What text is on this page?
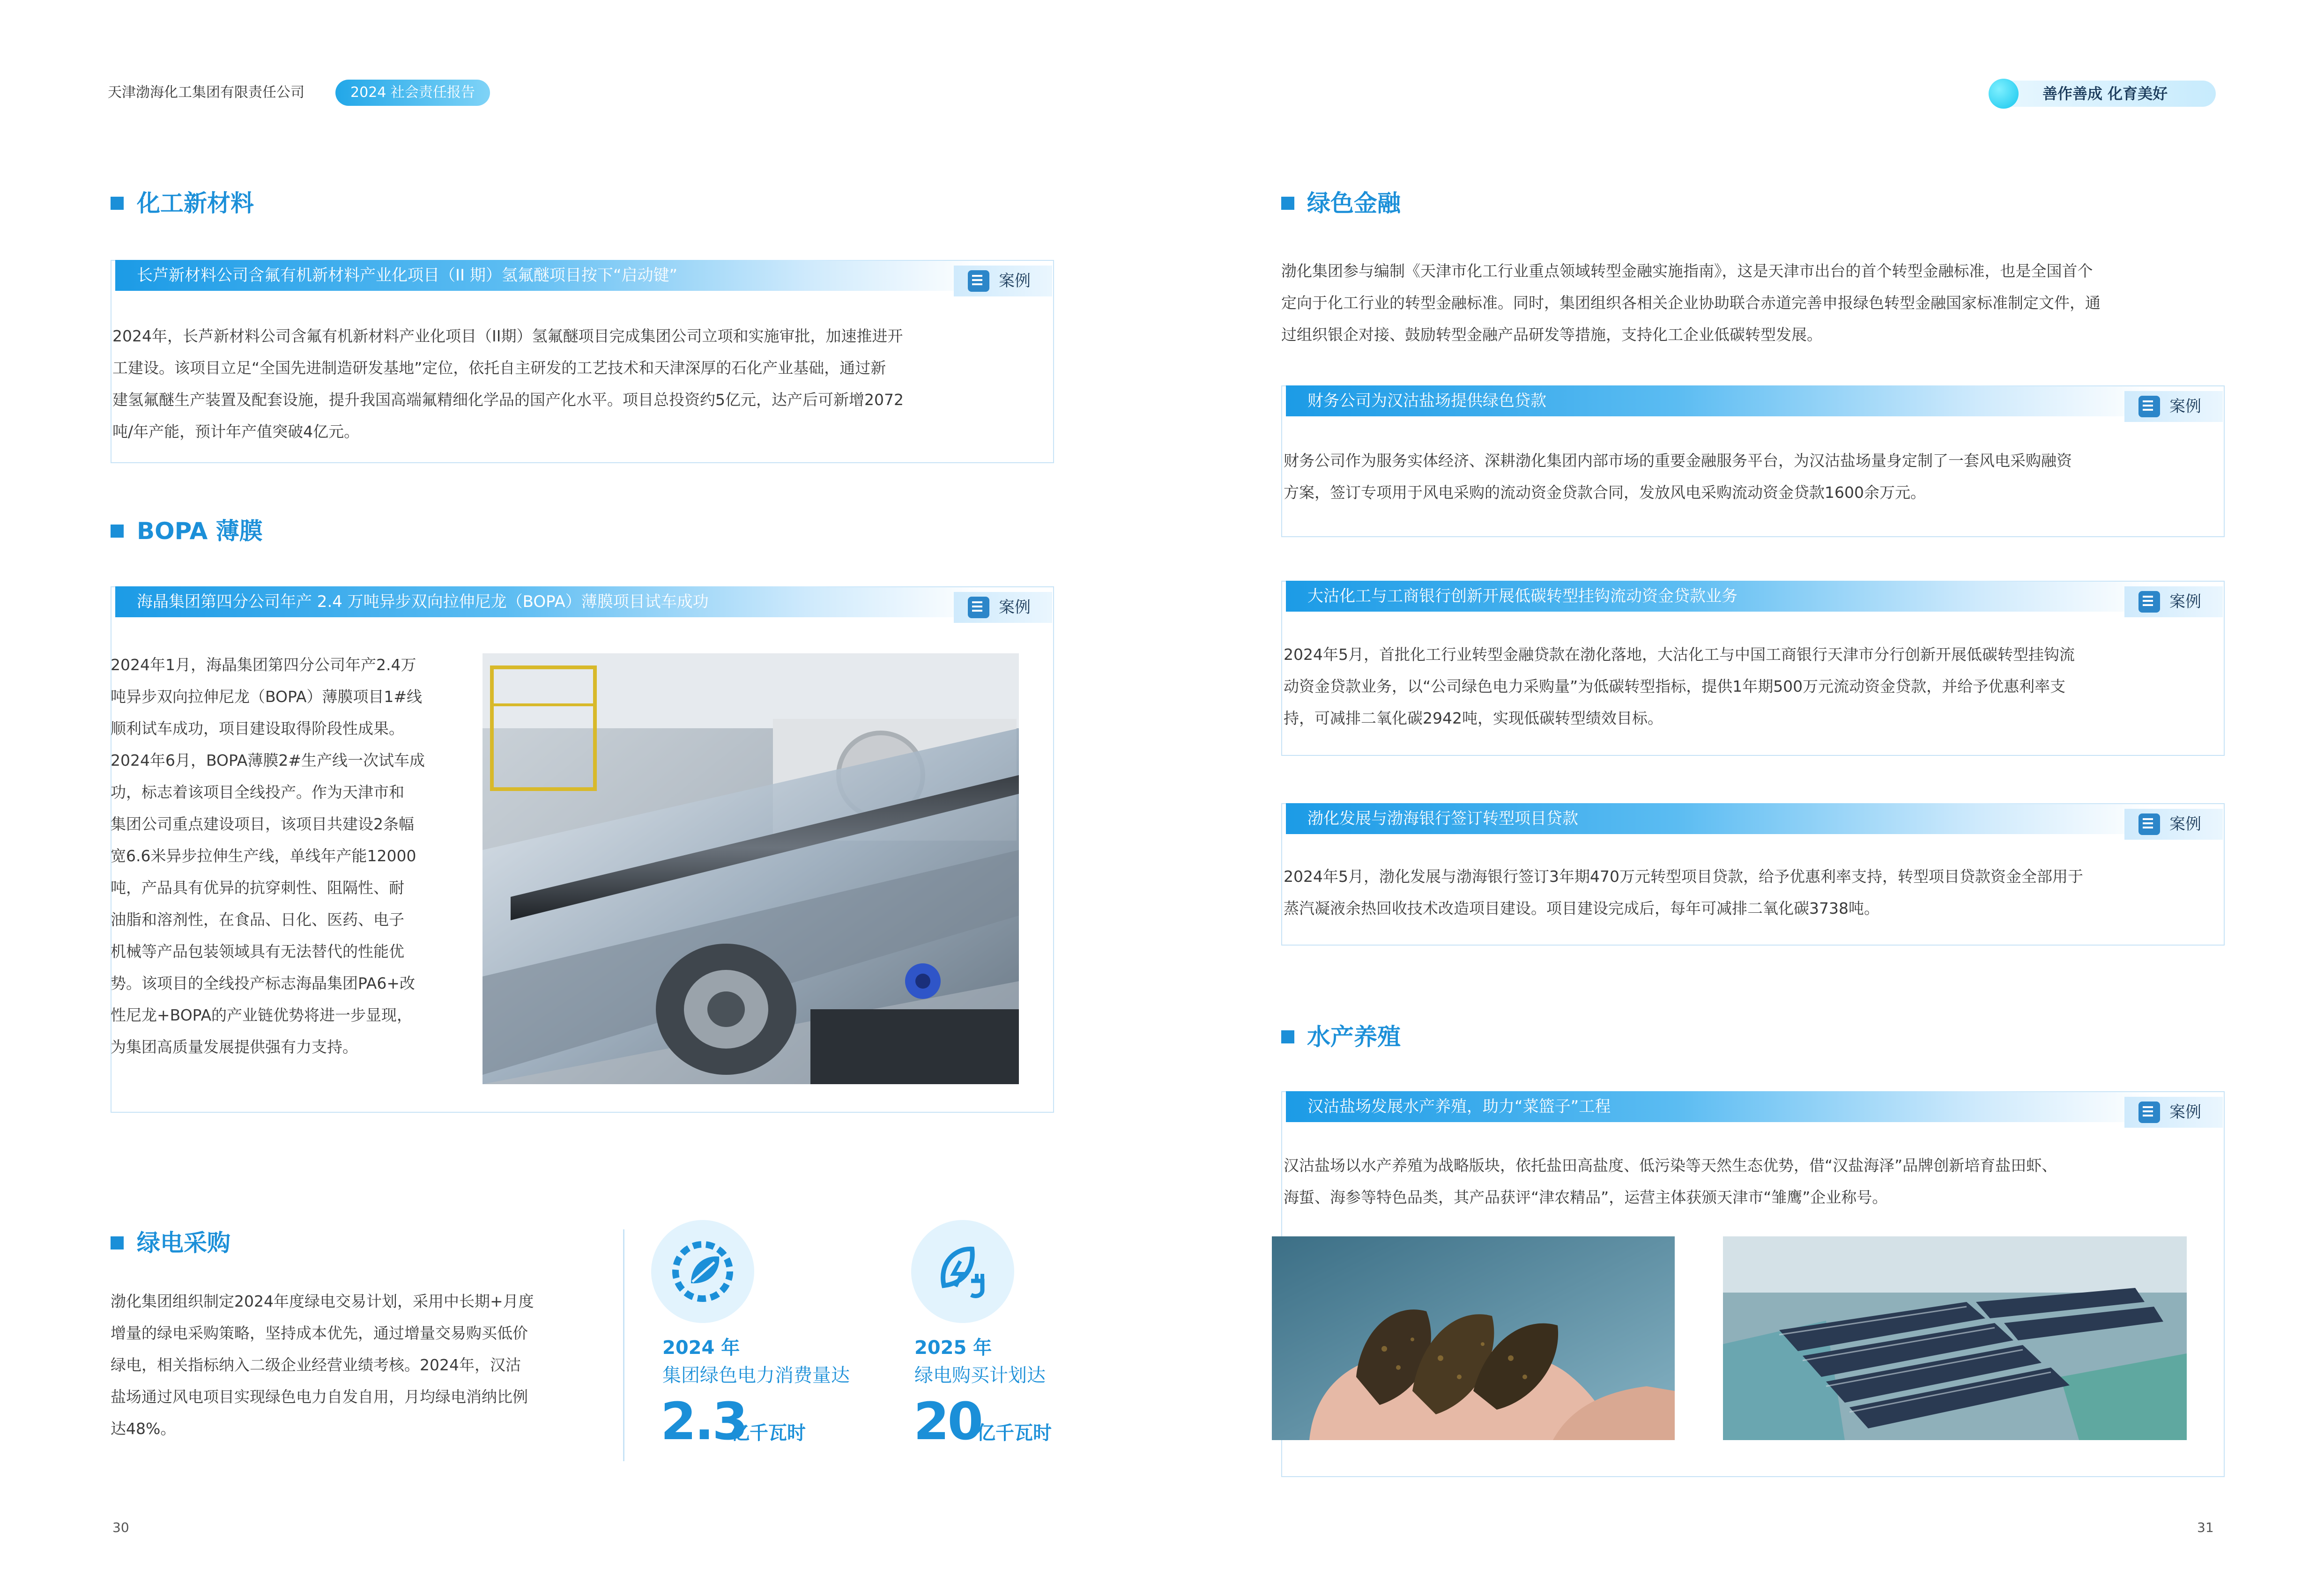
天津渤海化工集团有限责任公司	2024 社会责任报告	善作善成 化育美好
化工新材料
长芦新材料公司含氟有机新材料产业化项目（II 期）氢氟醚项目按下“启动键”	案例
2024年，长芦新材料公司含氟有机新材料产业化项目（II期）氢氟醚项目完成集团公司立项和实施审批，加速推进开
工建设。该项目立足“全国先进制造研发基地”定位，依托自主研发的工艺技术和天津深厚的石化产业基础，通过新
建氢氟醚生产装置及配套设施，提升我国高端氟精细化学品的国产化水平。项目总投资约5亿元，达产后可新增2072
吨/年产能，预计年产值突破4亿元。
BOPA 薄膜
海晶集团第四分公司年产 2.4 万吨异步双向拉伸尼龙（BOPA）薄膜项目试车成功	案例
2024年1月，海晶集团第四分公司年产2.4万
吨异步双向拉伸尼龙（BOPA）薄膜项目1#线
顺利试车成功，项目建设取得阶段性成果。
2024年6月，BOPA薄膜2#生产线一次试车成
功，标志着该项目全线投产。作为天津市和
集团公司重点建设项目，该项目共建设2条幅
宽6.6米异步拉伸生产线，单线年产能12000
吨，产品具有优异的抗穿刺性、阻隔性、耐
油脂和溶剂性，在食品、日化、医药、电子
机械等产品包装领域具有无法替代的性能优
势。该项目的全线投产标志海晶集团PA6+改
性尼龙+BOPA的产业链优势将进一步显现，
为集团高质量发展提供强有力支持。
绿电采购
渤化集团组织制定2024年度绿电交易计划，采用中长期+月度
增量的绿电采购策略，坚持成本优先，通过增量交易购买低价
绿电，相关指标纳入二级企业经营业绩考核。2024年，汉沽
盐场通过风电项目实现绿色电力自发自用，月均绿电消纳比例
达48%。
2024 年
集团绿色电力消费量达
2.3
亿千瓦时
2025 年
绿电购买计划达
20
亿千瓦时
30
绿色金融
渤化集团参与编制《天津市化工行业重点领域转型金融实施指南》，这是天津市出台的首个转型金融标准，也是全国首个
定向于化工行业的转型金融标准。同时，集团组织各相关企业协助联合赤道完善申报绿色转型金融国家标准制定文件，通
过组织银企对接、鼓励转型金融产品研发等措施，支持化工企业低碳转型发展。
财务公司为汉沽盐场提供绿色贷款	案例
财务公司作为服务实体经济、深耕渤化集团内部市场的重要金融服务平台，为汉沽盐场量身定制了一套风电采购融资
方案，签订专项用于风电采购的流动资金贷款合同，发放风电采购流动资金贷款1600余万元。
大沽化工与工商银行创新开展低碳转型挂钩流动资金贷款业务	案例
2024年5月，首批化工行业转型金融贷款在渤化落地，大沽化工与中国工商银行天津市分行创新开展低碳转型挂钩流
动资金贷款业务，以“公司绿色电力采购量”为低碳转型指标，提供1年期500万元流动资金贷款，并给予优惠利率支
持，可减排二氧化碳2942吨，实现低碳转型绩效目标。
渤化发展与渤海银行签订转型项目贷款	案例
2024年5月，渤化发展与渤海银行签订3年期470万元转型项目贷款，给予优惠利率支持，转型项目贷款资金全部用于
蒸汽凝液余热回收技术改造项目建设。项目建设完成后，每年可减排二氧化碳3738吨。
水产养殖
汉沽盐场发展水产养殖，助力“菜篮子”工程	案例
汉沽盐场以水产养殖为战略版块，依托盐田高盐度、低污染等天然生态优势，借“汉盐海泽”品牌创新培育盐田虾、
海蜇、海参等特色品类，其产品获评“津农精品”，运营主体获颁天津市“雏鹰”企业称号。
31
